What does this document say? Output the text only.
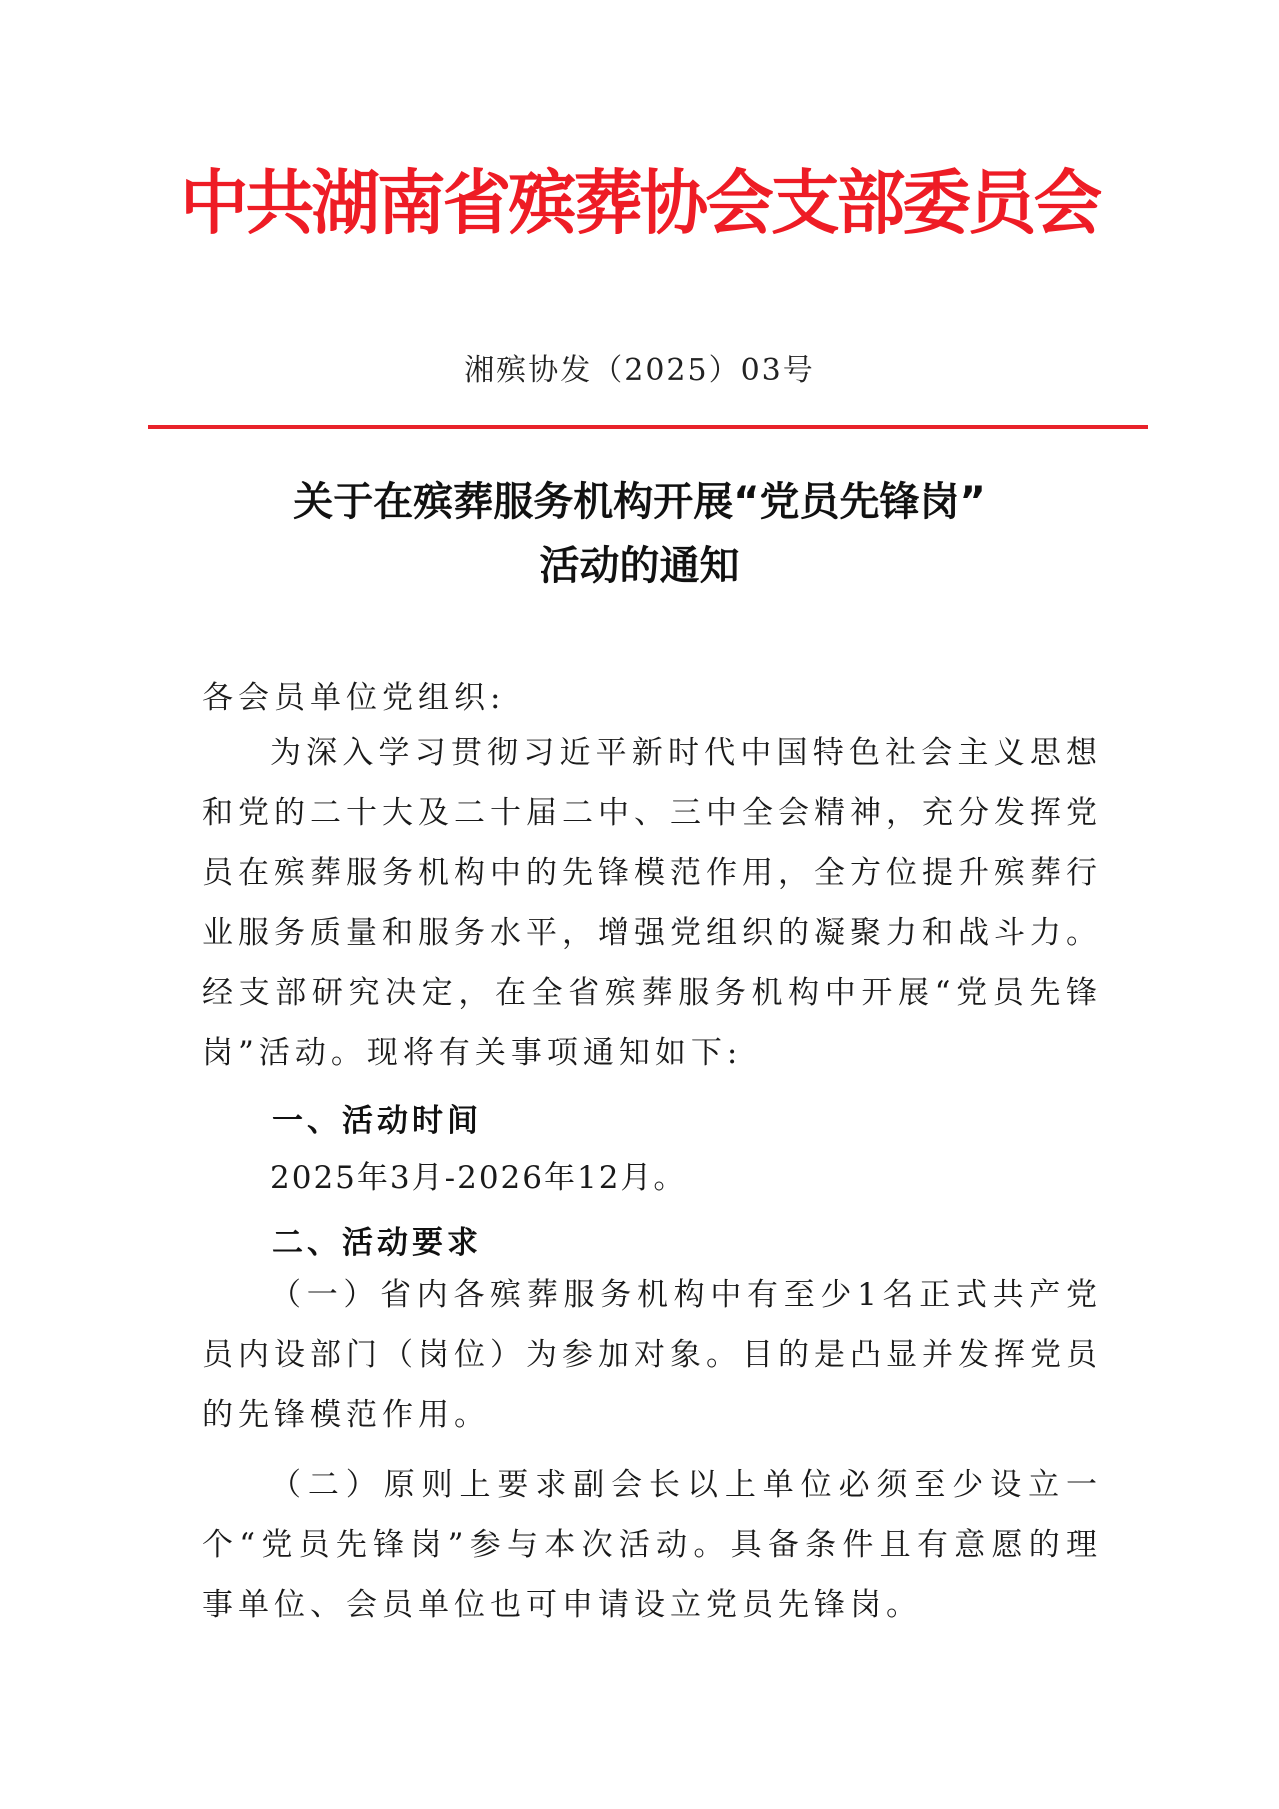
中共湖南省殡葬协会支部委员会
湘殡协发（2025）03号
关于在殡葬服务机构开展“党员先锋岗”
活动的通知
各会员单位党组织:
为深入学习贯彻习近平新时代中国特色社会主义思想和党的二十大及二十届二中、三中全会精神，充分发挥党员在殡葬服务机构中的先锋模范作用，全方位提升殡葬行业服务质量和服务水平，增强党组织的凝聚力和战斗力。经支部研究决定，在全省殡葬服务机构中开展“党员先锋岗”活动。现将有关事项通知如下:
一、活动时间
2025年3月-2026年12月。
二、活动要求
（一）省内各殡葬服务机构中有至少1名正式共产党员内设部门（岗位）为参加对象。目的是凸显并发挥党员的先锋模范作用。
（二）原则上要求副会长以上单位必须至少设立一个“党员先锋岗”参与本次活动。具备条件且有意愿的理事单位、会员单位也可申请设立党员先锋岗。
